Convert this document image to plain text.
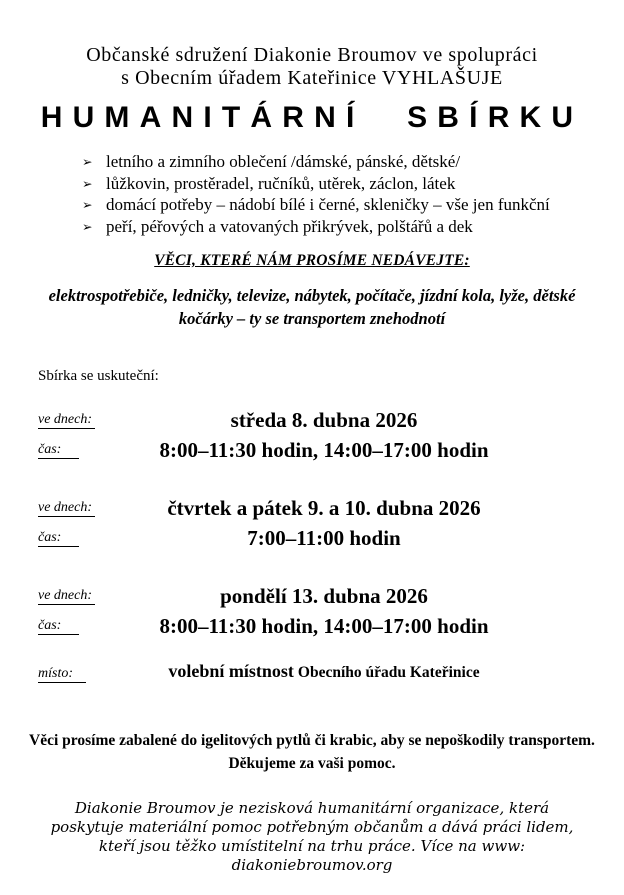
Občanské sdružení Diakonie Broumov ve spolupráci
s Obecním úřadem Kateřinice VYHLAŠUJE
HUMANITÁRNÍ SBÍRKU
➢ letního a zimního oblečení /dámské, pánské, dětské/
➢ lůžkovin, prostěradel, ručníků, utěrek, záclon, látek
➢ domácí potřeby – nádobí bílé i černé, skleničky – vše jen funkční
➢ peří, péřových a vatovaných přikrývek, polštářů a dek
VĚCI, KTERÉ NÁM PROSÍME NEDÁVEJTE:
elektrospotřebiče, ledničky, televize, nábytek, počítače, jízdní kola, lyže, dětské kočárky – ty se transportem znehodnotí
Sbírka se uskuteční:
ve dnech:	středa 8. dubna 2026
čas:	8:00–11:30 hodin, 14:00–17:00 hodin
ve dnech:	čtvrtek a pátek 9. a 10. dubna 2026
čas:	7:00–11:00 hodin
ve dnech:	pondělí 13. dubna 2026
čas:	8:00–11:30 hodin, 14:00–17:00 hodin
místo:	volební místnost Obecního úřadu Kateřinice
Věci prosíme zabalené do igelitových pytlů či krabic, aby se nepoškodily transportem.
Děkujeme za vaši pomoc.
Diakonie Broumov je nezisková humanitární organizace, která poskytuje materiální pomoc potřebným občanům a dává práci lidem, kteří jsou těžko umístitelní na trhu práce. Více na www: diakoniebroumov.org
